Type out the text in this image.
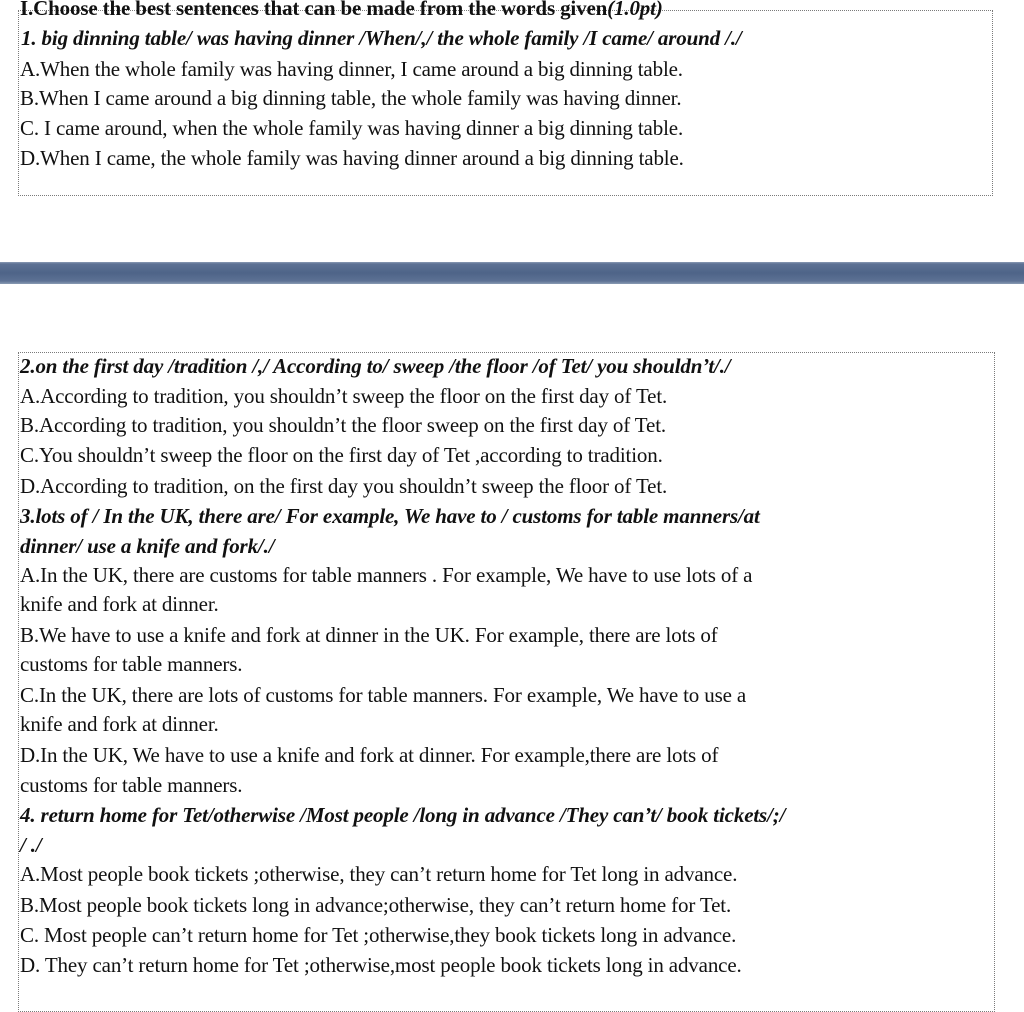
I.Choose the best sentences that can be made from the words given(1.0pt)
1. big dinning table/ was having dinner /When/,/ the whole family /I came/ around /./
A.When the whole family was having dinner, I came around a big dinning table.
B.When I came around a big dinning table, the whole family was having dinner.
C. I came around, when the whole family was having dinner a big dinning table.
D.When I came, the whole family was having dinner around a big dinning table.
2.on the first day /tradition /,/ According to/ sweep /the floor /of Tet/ you shouldn’t/./
A.According to tradition, you shouldn’t sweep the floor on the first day of Tet.
B.According to tradition, you shouldn’t the floor sweep on the first day of Tet.
C.You shouldn’t sweep the floor on the first day of Tet ,according to tradition.
D.According to tradition, on the first day you shouldn’t sweep the floor of Tet.
3.lots of / In the UK, there are/ For example, We have to / customs for table manners/at
dinner/ use a knife and fork/./
A.In the UK, there are customs for table manners . For example, We have to use lots of a
knife and fork at dinner.
B.We have to use a knife and fork at dinner in the UK. For example, there are lots of
customs for table manners.
C.In the UK, there are lots of customs for table manners. For example, We have to use a
knife and fork at dinner.
D.In the UK, We have to use a knife and fork at dinner. For example,there are lots of
customs for table manners.
4. return home for Tet/otherwise /Most people /long in advance /They can’t/ book tickets/;/
/ ./
A.Most people book tickets ;otherwise, they can’t return home for Tet long in advance.
B.Most people book tickets long in advance;otherwise, they can’t return home for Tet.
C. Most people can’t return home for Tet ;otherwise,they book tickets long in advance.
D. They can’t return home for Tet ;otherwise,most people book tickets long in advance.
